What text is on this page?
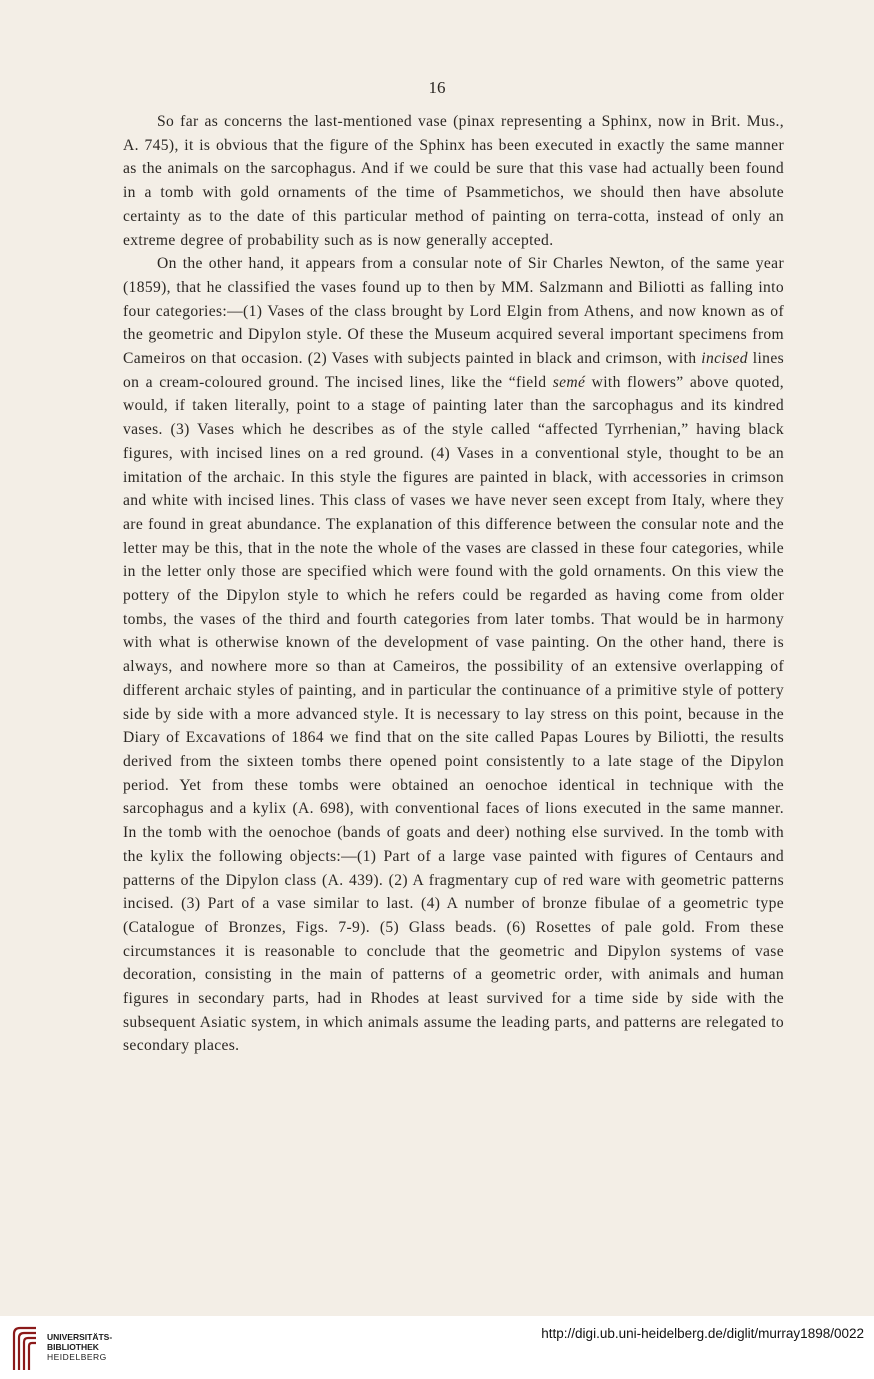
16

So far as concerns the last-mentioned vase (pinax representing a Sphinx, now in Brit. Mus., A. 745), it is obvious that the figure of the Sphinx has been executed in exactly the same manner as the animals on the sarcophagus. And if we could be sure that this vase had actually been found in a tomb with gold ornaments of the time of Psammetichos, we should then have absolute certainty as to the date of this particular method of painting on terra-cotta, instead of only an extreme degree of probability such as is now generally accepted.

On the other hand, it appears from a consular note of Sir Charles Newton, of the same year (1859), that he classified the vases found up to then by MM. Salzmann and Biliotti as falling into four categories:—(1) Vases of the class brought by Lord Elgin from Athens, and now known as of the geometric and Dipylon style. Of these the Museum acquired several important specimens from Cameiros on that occasion. (2) Vases with subjects painted in black and crimson, with incised lines on a cream-coloured ground. The incised lines, like the “field semé with flowers” above quoted, would, if taken literally, point to a stage of painting later than the sarcophagus and its kindred vases. (3) Vases which he describes as of the style called “affected Tyrrhenian,” having black figures, with incised lines on a red ground. (4) Vases in a conventional style, thought to be an imitation of the archaic. In this style the figures are painted in black, with accessories in crimson and white with incised lines. This class of vases we have never seen except from Italy, where they are found in great abundance. The explanation of this difference between the consular note and the letter may be this, that in the note the whole of the vases are classed in these four categories, while in the letter only those are specified which were found with the gold ornaments. On this view the pottery of the Dipylon style to which he refers could be regarded as having come from older tombs, the vases of the third and fourth categories from later tombs. That would be in harmony with what is otherwise known of the development of vase painting. On the other hand, there is always, and nowhere more so than at Cameiros, the possibility of an extensive overlapping of different archaic styles of painting, and in particular the continuance of a primitive style of pottery side by side with a more advanced style. It is necessary to lay stress on this point, because in the Diary of Excavations of 1864 we find that on the site called Papas Loures by Biliotti, the results derived from the sixteen tombs there opened point consistently to a late stage of the Dipylon period. Yet from these tombs were obtained an oenochoe identical in technique with the sarcophagus and a kylix (A. 698), with conventional faces of lions executed in the same manner. In the tomb with the oenochoe (bands of goats and deer) nothing else survived. In the tomb with the kylix the following objects:—(1) Part of a large vase painted with figures of Centaurs and patterns of the Dipylon class (A. 439). (2) A fragmentary cup of red ware with geometric patterns incised. (3) Part of a vase similar to last. (4) A number of bronze fibulae of a geometric type (Catalogue of Bronzes, Figs. 7-9). (5) Glass beads. (6) Rosettes of pale gold. From these circumstances it is reasonable to conclude that the geometric and Dipylon systems of vase decoration, consisting in the main of patterns of a geometric order, with animals and human figures in secondary parts, had in Rhodes at least survived for a time side by side with the subsequent Asiatic system, in which animals assume the leading parts, and patterns are relegated to secondary places.

UNIVERSITÄTS-
BIBLIOTHEK
HEIDELBERG
http://digi.ub.uni-heidelberg.de/diglit/murray1898/0022
